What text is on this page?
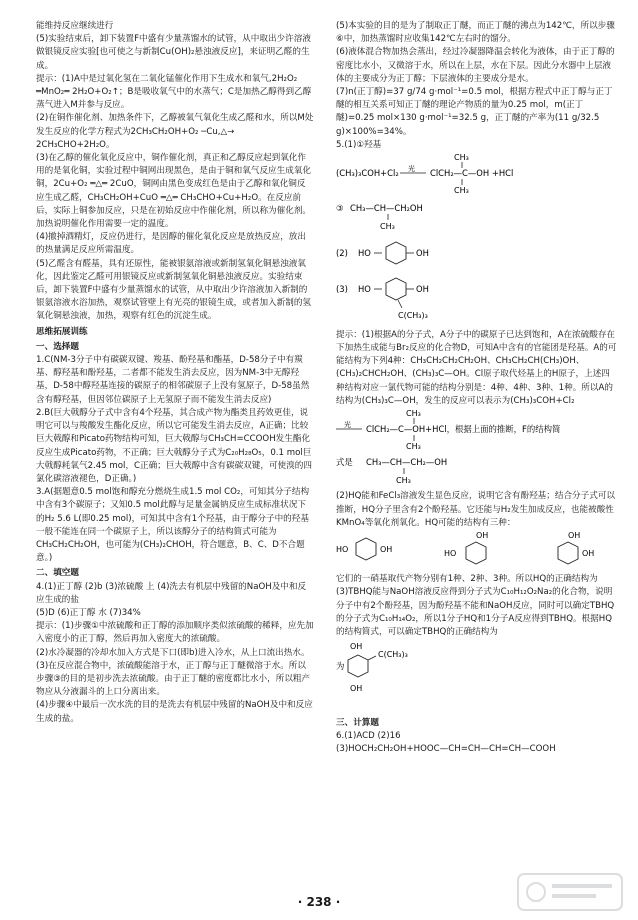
能维持反应继续进行

(5)实验结束后，卸下装置F中盛有少量蒸馏水的试管，从中取出少许溶液做银镜反应实验[也可使之与新制Cu(OH)₂悬浊液反应]，来证明乙醛的生成。

提示：(1)A中是过氧化氢在二氧化锰催化作用下生成水和氧气,2H₂O₂ ═MnO₂═ 2H₂O+O₂↑；B是吸收氧气中的水蒸气；C是加热乙醇得到乙醇蒸气进入M并参与反应。

(2)在铜作催化剂、加热条件下，乙醇被氧气氧化生成乙醛和水，所以M处发生反应的化学方程式为2CH₃CH₂OH+O₂ ─Cu,△→ 2CH₃CHO+2H₂O。

(3)在乙醇的催化氧化反应中，铜作催化剂，真正和乙醇反应起到氧化作用的是氧化铜，实验过程中铜网出现黑色，是由于铜和氧气反应生成氧化铜，2Cu+O₂ ═△═ 2CuO，铜网由黑色变成红色是由于乙醇和氧化铜反应生成乙醛，CH₃CH₂OH+CuO ═△═ CH₃CHO+Cu+H₂O。在反应前后，实际上铜参加反应，只是在初始反应中作催化剂，所以称为催化剂。加热说明催化作用需要一定的温度。

(4)撤掉酒精灯，反应仍进行，是因醇的催化氧化反应是放热反应，放出的热量满足反应所需温度。

(5)乙醛含有醛基，具有还原性，能被银氨溶液或新制氢氧化铜悬浊液氧化，因此鉴定乙醛可用银镜反应或新制氢氧化铜悬浊液反应。实验结束后，卸下装置F中盛有少量蒸馏水的试管，从中取出少许溶液加入新制的银氨溶液水浴加热，观察试管壁上有光亮的银镜生成，或者加入新制的氢氧化铜悬浊液，加热，观察有红色的沉淀生成。

思维拓展训练

一、选择题

1.C(NM-3分子中有碳碳双键、羧基、酚羟基和酯基，D-58分子中有羰基、醇羟基和酚羟基，二者都不能发生消去反应，因为NM-3中无醇羟基，D-58中醇羟基连接的碳原子的相邻碳原子上没有氢原子，D-58虽然含有醇羟基，但因邻位碳原子上无氢原子而不能发生消去反应)

2.B(巨大戟醇分子式中含有4个羟基，其合成产物为酯类且药效更佳，说明它可以与羧酸发生酯化反应，所以它可能发生消去反应，A正确；比较巨大戟醇和Picato药物结构可知，巨大戟醇与CH₃CH=CCOOH发生酯化反应生成Picato药物，不正确；巨大戟醇分子式为C₂₀H₂₈O₅，0.1 mol巨大戟醇耗氧气2.45 mol，C正确；巨大戟醇中含有碳碳双键，可使溴的四氯化碳溶液褪色，D正确。)

3.A(据题意0.5 mol饱和醇充分燃烧生成1.5 mol CO₂，可知其分子结构中含有3个碳原子；又知0.5 mol此醇与足量金属钠反应生成标准状况下的H₂ 5.6 L(即0.25 mol)，可知其中含有1个羟基，由于醇分子中的羟基一般不能连在同一个碳原子上，所以该醇分子的结构简式可能为CH₃CH₂CH₂OH，也可能为(CH₃)₂CHOH，符合题意，B、C、D不合题意。)

二、填空题

4.(1)正丁醇 (2)b (3)浓硫酸 上 (4)洗去有机层中残留的NaOH及中和反应生成的盐

(5)D (6)正丁醇 水 (7)34%

提示：(1)步骤①中浓硫酸和正丁醇的添加顺序类似浓硫酸的稀释，应先加入密度小的正丁醇，然后再加入密度大的浓硫酸。

(2)水冷凝器的冷却水加入方式是下口(即b)进入冷水，从上口流出热水。

(3)在反应混合物中，浓硫酸能溶于水，正丁醇与正丁醚微溶于水。所以步骤③的目的是初步洗去浓硫酸。由于正丁醚的密度都比水小，所以粗产物应从分液漏斗的上口分离出来。

(4)步骤④中最后一次水洗的目的是洗去有机层中残留的NaOH及中和反应生成的盐。

(5)本实验的目的是为了制取正丁醚，而正丁醚的沸点为142℃，所以步骤⑥中，加热蒸馏时应收集142℃左右时的馏分。

(6)液体混合物加热会蒸出，经过冷凝器降温会转化为液体，由于正丁醇的密度比水小，又微溶于水，所以在上层，水在下层。因此分水器中上层液体的主要成分为正丁醇；下层液体的主要成分是水。

(7)n(正丁醇)=37 g/74 g·mol⁻¹=0.5 mol，根据方程式中正丁醇与正丁醚的相互关系可知正丁醚的理论产物质的量为0.25 mol，m(正丁醚)=0.25 mol×130 g·mol⁻¹=32.5 g，正丁醚的产率为(11 g/32.5 g)×100%=34%。

5.(1)①羟基

CH₃
(CH₃)₃COH+Cl₂ 光 ClCH₂—C—OH +HCl
CH₃

③ CH₃—CH—CH₂OH
CH₃

(2) HO	OH

(3) HO	OH
C(CH₃)₃

提示：(1)根据A的分子式，A分子中的碳原子已达到饱和，A在浓硫酸存在下加热生成能与Br₂反应的化合物D，可知A中含有的官能团是羟基。A的可能结构为下列4种：CH₃CH₂CH₂CH₂OH、CH₃CH₂CH(CH₃)OH、(CH₃)₂CHCH₂OH、(CH₃)₃C—OH。Cl原子取代烃基上的H原子，上述四种结构对应一氯代物可能的结构分别是：4种、4种、3种、1种。所以A的结构为(CH₃)₃C—OH，发生的反应可以表示为(CH₃)₃COH+Cl₂

CH₃
光 ClCH₂—C—OH+HCl，根据上面的推断，F的结构简
CH₃

式是 CH₃—CH—CH₂—OH
CH₃

(2)HQ能和FeCl₃溶液发生显色反应，说明它含有酚羟基；结合分子式可以推断，HQ分子里含有2个酚羟基。它还能与H₂发生加成反应，也能被酸性KMnO₄等氧化剂氧化。HQ可能的结构有三种：

HO	OH
OH
HO
OH
OH

它们的一硝基取代产物分别有1种、2种、3种。所以HQ的正确结构为

(3)TBHQ能与NaOH溶液反应得到分子式为C₁₀H₁₂O₂Na₂的化合物，说明分子中有2个酚羟基，因为酚羟基不能和NaOH反应，同时可以确定TBHQ的分子式为C₁₀H₁₄O₂，所以1分子HQ和1分子A反应得到TBHQ。根据HQ的结构简式，可以确定TBHQ的正确结构为

OH
C(CH₃)₃
为
OH

三、计算题

6.(1)ACD (2)16

(3)HOCH₂CH₂OH+HOOC—CH=CH—CH=CH—COOH

· 238 ·
